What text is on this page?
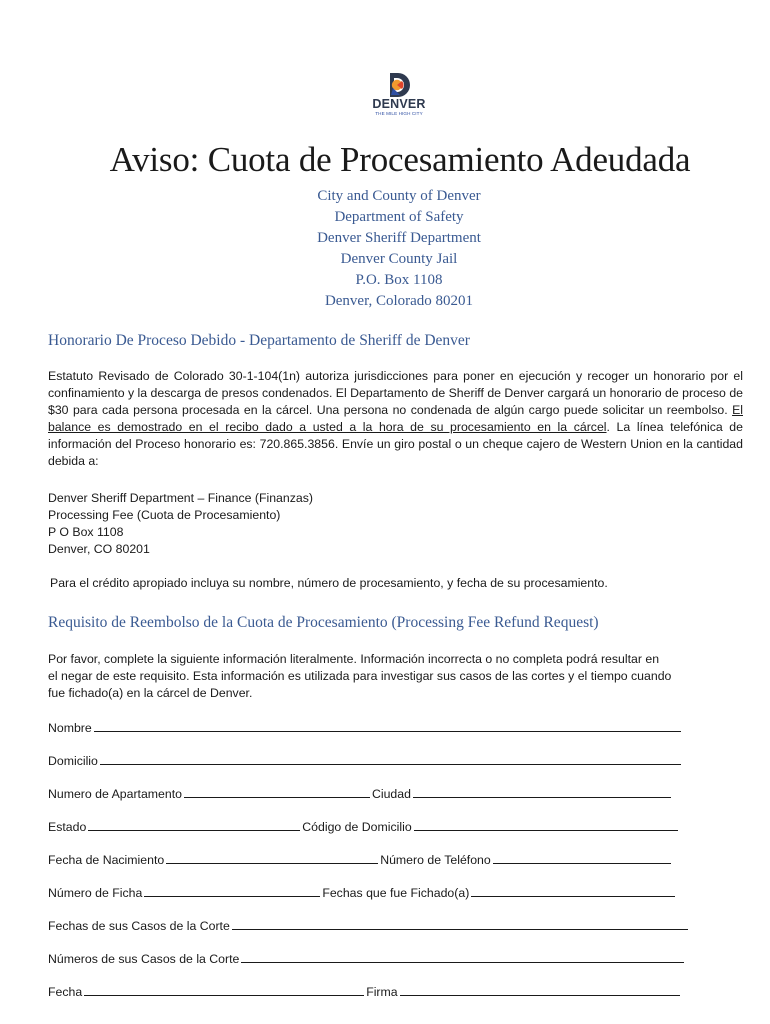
DENVER
THE MILE HIGH CITY
Aviso: Cuota de Procesamiento Adeudada
City and County of Denver
Department of Safety
Denver Sheriff Department
Denver County Jail
P.O. Box 1108
Denver, Colorado 80201
Honorario De Proceso Debido - Departamento de Sheriff de Denver

Estatuto Revisado de Colorado 30-1-104(1n) autoriza jurisdicciones para poner en ejecución y recoger un honorario por el confinamiento y la descarga de presos condenados. El Departamento de Sheriff de Denver cargará un honorario de proceso de $30 para cada persona procesada en la cárcel. Una persona no condenada de algún cargo puede solicitar un reembolso. El balance es demostrado en el recibo dado a usted a la hora de su procesamiento en la cárcel. La línea telefónica de información del Proceso honorario es: 720.865.3856. Envíe un giro postal o un cheque cajero de Western Union en la cantidad debida a:

Denver Sheriff Department – Finance (Finanzas)
Processing Fee (Cuota de Procesamiento)
P O Box 1108
Denver, CO 80201

Para el crédito apropiado incluya su nombre, número de procesamiento, y fecha de su procesamiento.

Requisito de Reembolso de la Cuota de Procesamiento (Processing Fee Refund Request)
Por favor, complete la siguiente información literalmente. Información incorrecta o no completa podrá resultar en
el negar de este requisito. Esta información es utilizada para investigar sus casos de las cortes y el tiempo cuando
fue fichado(a) en la cárcel de Denver.
Nombre
Domicilio
Numero de Apartamento	Ciudad
Estado	Código de Domicilio
Fecha de Nacimiento	Número de Teléfono
Número de Ficha	Fechas que fue Fichado(a)
Fechas de sus Casos de la Corte
Números de sus Casos de la Corte
Fecha	Firma
